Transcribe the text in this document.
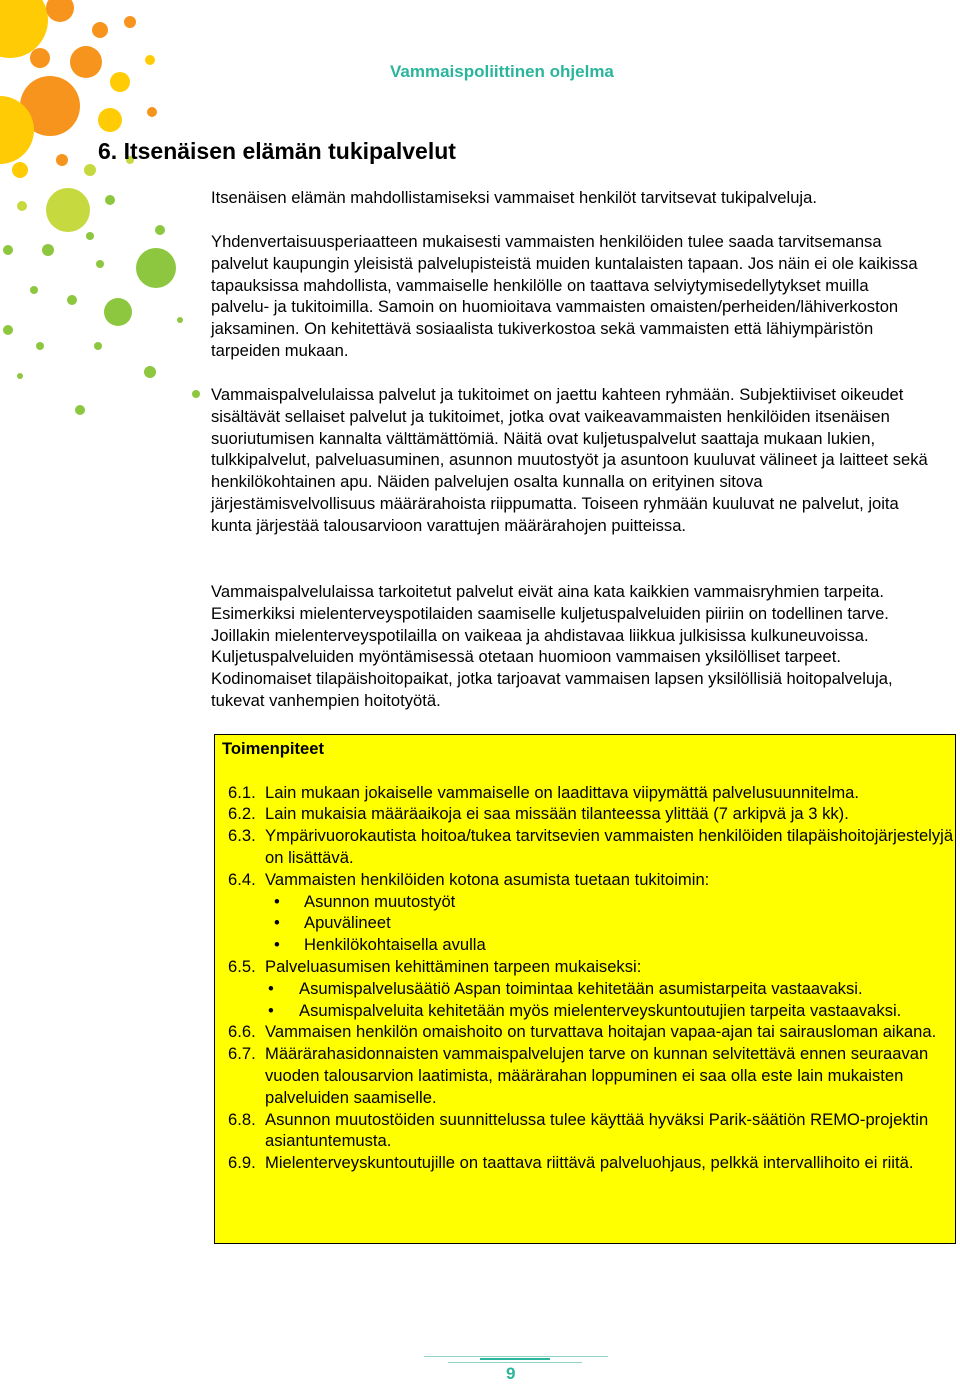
Vammaispoliittinen ohjelma
6. Itsenäisen elämän tukipalvelut

Itsenäisen elämän mahdollistamiseksi vammaiset henkilöt tarvitsevat tukipalveluja.

Yhdenvertaisuusperiaatteen mukaisesti vammaisten henkilöiden tulee saada tarvitsemansa palvelut kaupungin yleisistä palvelupisteistä muiden kuntalaisten tapaan. Jos näin ei ole kaikissa tapauksissa mahdollista, vammaiselle henkilölle on taattava selviytymisedellytykset muilla palvelu- ja tukitoimilla. Samoin on huomioitava vammaisten omaisten/perheiden/lähiverkoston jaksaminen. On kehitettävä sosiaalista tukiverkostoa sekä vammaisten että lähiympäristön tarpeiden mukaan.

Vammaispalvelulaissa palvelut ja tukitoimet on jaettu kahteen ryhmään. Subjektiiviset oikeudet sisältävät sellaiset palvelut ja tukitoimet, jotka ovat vaikeavammaisten henkilöiden itsenäisen suoriutumisen kannalta välttämättömiä. Näitä ovat kuljetuspalvelut saattaja mukaan lukien, tulkkipalvelut, palveluasuminen, asunnon muutostyöt ja asuntoon kuuluvat välineet ja laitteet sekä henkilökohtainen apu. Näiden palvelujen osalta kunnalla on erityinen sitova järjestämisvelvollisuus määrärahoista riippumatta. Toiseen ryhmään kuuluvat ne palvelut, joita kunta järjestää talousarvioon varattujen määrärahojen puitteissa.

Vammaispalvelulaissa tarkoitetut palvelut eivät aina kata kaikkien vammaisryhmien tarpeita. Esimerkiksi mielenterveyspotilaiden saamiselle kuljetuspalveluiden piiriin on todellinen tarve. Joillakin mielenterveyspotilailla on vaikeaa ja ahdistavaa liikkua julkisissa kulkuneuvoissa. Kuljetuspalveluiden myöntämisessä otetaan huomioon vammaisen yksilölliset tarpeet. Kodinomaiset tilapäishoitopaikat, jotka tarjoavat vammaisen lapsen yksilöllisiä hoitopalveluja, tukevat vanhempien hoitotyötä.

Toimenpiteet
6.1. Lain mukaan jokaiselle vammaiselle on laadittava viipymättä palvelusuunnitelma.
6.2. Lain mukaisia määräaikoja ei saa missään tilanteessa ylittää (7 arkipvä ja 3 kk).
6.3. Ympärivuorokautista hoitoa/tukea tarvitsevien vammaisten henkilöiden tilapäishoitojärjestelyjä on lisättävä.
6.4. Vammaisten henkilöiden kotona asumista tuetaan tukitoimin:
• Asunnon muutostyöt
• Apuvälineet
• Henkilökohtaisella avulla
6.5. Palveluasumisen kehittäminen tarpeen mukaiseksi:
• Asumispalvelusäätiö Aspan toimintaa kehitetään asumistarpeita vastaavaksi.
• Asumispalveluita kehitetään myös mielenterveyskuntoutujien tarpeita vastaavaksi.
6.6. Vammaisen henkilön omaishoito on turvattava hoitajan vapaa-ajan tai sairausloman aikana.
6.7. Määrärahasidonnaisten vammaispalvelujen tarve on kunnan selvitettävä ennen seuraavan vuoden talousarvion laatimista, määrärahan loppuminen ei saa olla este lain mukaisten palveluiden saamiselle.
6.8. Asunnon muutostöiden suunnittelussa tulee käyttää hyväksi Parik-säätiön REMO-projektin asiantuntemusta.
6.9. Mielenterveyskuntoutujille on taattava riittävä palveluohjaus, pelkkä intervallihoito ei riitä.
9
